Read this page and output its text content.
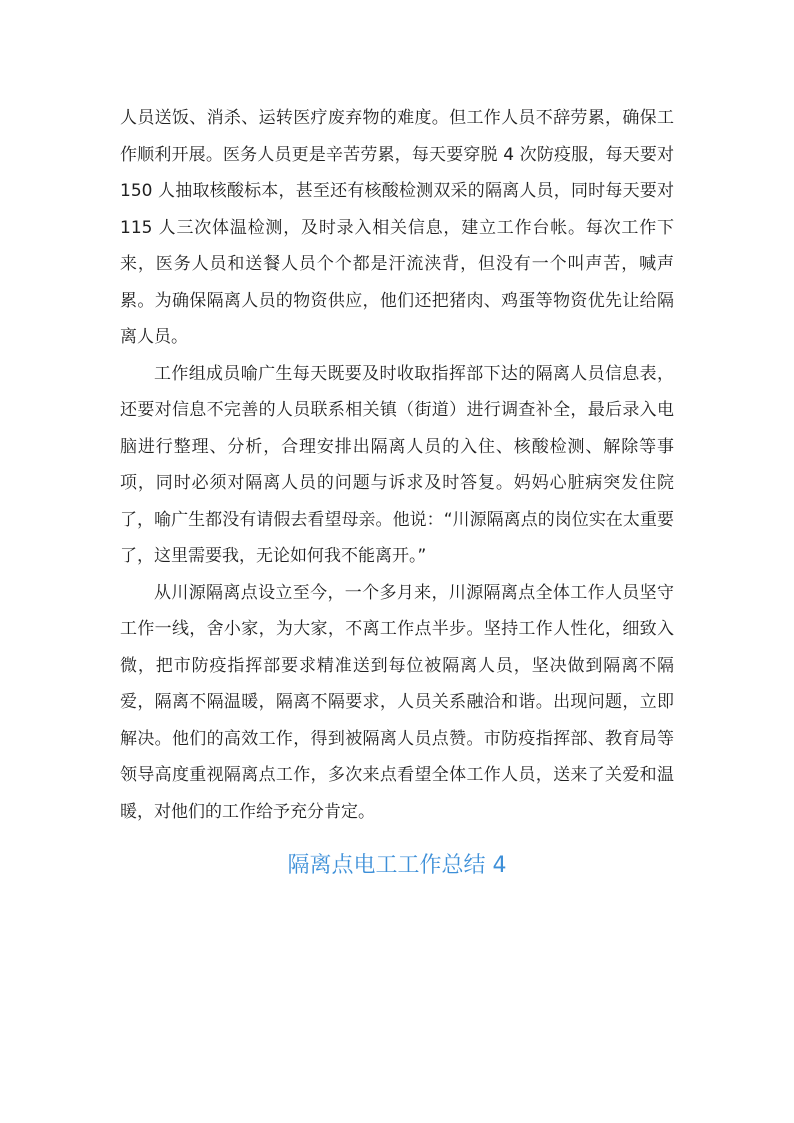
人员送饭、消杀、运转医疗废弃物的难度。但工作人员不辞劳累，确保工作顺利开展。医务人员更是辛苦劳累，每天要穿脱 4 次防疫服，每天要对 150 人抽取核酸标本，甚至还有核酸检测双采的隔离人员，同时每天要对 115 人三次体温检测，及时录入相关信息，建立工作台帐。每次工作下来，医务人员和送餐人员个个都是汗流浃背，但没有一个叫声苦，喊声累。为确保隔离人员的物资供应，他们还把猪肉、鸡蛋等物资优先让给隔离人员。

工作组成员喻广生每天既要及时收取指挥部下达的隔离人员信息表，还要对信息不完善的人员联系相关镇（街道）进行调查补全，最后录入电脑进行整理、分析，合理安排出隔离人员的入住、核酸检测、解除等事项，同时必须对隔离人员的问题与诉求及时答复。妈妈心脏病突发住院了，喻广生都没有请假去看望母亲。他说：“川源隔离点的岗位实在太重要了，这里需要我，无论如何我不能离开。”

从川源隔离点设立至今，一个多月来，川源隔离点全体工作人员坚守工作一线，舍小家，为大家，不离工作点半步。坚持工作人性化，细致入微，把市防疫指挥部要求精准送到每位被隔离人员，坚决做到隔离不隔爱，隔离不隔温暖，隔离不隔要求，人员关系融洽和谐。出现问题，立即解决。他们的高效工作，得到被隔离人员点赞。市防疫指挥部、教育局等领导高度重视隔离点工作，多次来点看望全体工作人员，送来了关爱和温暖，对他们的工作给予充分肯定。

隔离点电工工作总结 4
